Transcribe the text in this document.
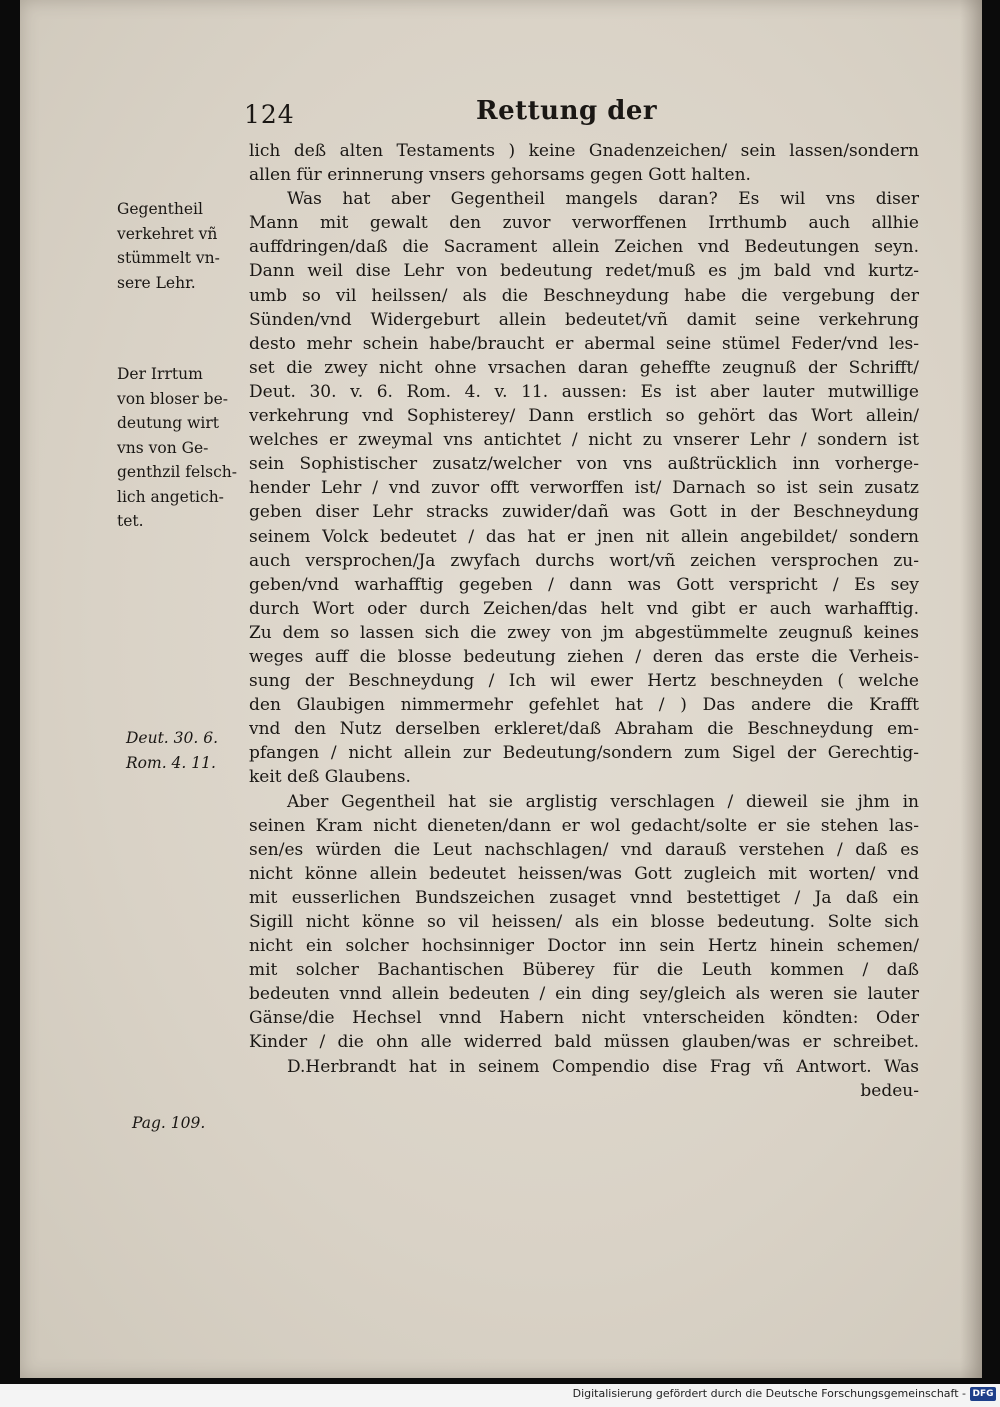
124	Rettung der
Gegentheil
verkehret vñ
stümmelt vn-
sere Lehr.
Der Irrtum
von bloser be-
deutung wirt
vns von Ge-
genthzil felsch-
lich angetich-
tet.
Deut. 30. 6.
Rom. 4. 11.
Pag. 109.
lich deß alten Testaments ) keine Gnadenzeichen/ sein lassen/sondern
allen für erinnerung vnsers gehorsams gegen Gott halten.
Was hat aber Gegentheil mangels daran? Es wil vns diser
Mann mit gewalt den zuvor verworffenen Irrthumb auch allhie
auffdringen/daß die Sacrament allein Zeichen vnd Bedeutungen seyn.
Dann weil dise Lehr von bedeutung redet/muß es jm bald vnd kurtz-
umb so vil heilssen/ als die Beschneydung habe die vergebung der
Sünden/vnd Widergeburt allein bedeutet/vñ damit seine verkehrung
desto mehr schein habe/braucht er abermal seine stümel Feder/vnd les-
set die zwey nicht ohne vrsachen daran geheffte zeugnuß der Schrifft/
Deut. 30. v. 6. Rom. 4. v. 11. aussen: Es ist aber lauter mutwillige
verkehrung vnd Sophisterey/ Dann erstlich so gehört das Wort allein/
welches er zweymal vns antichtet / nicht zu vnserer Lehr / sondern ist
sein Sophistischer zusatz/welcher von vns außtrücklich inn vorherge-
hender Lehr / vnd zuvor offt verworffen ist/ Darnach so ist sein zusatz
geben diser Lehr stracks zuwider/dañ was Gott in der Beschneydung
seinem Volck bedeutet / das hat er jnen nit allein angebildet/ sondern
auch versprochen/Ja zwyfach durchs wort/vñ zeichen versprochen zu-
geben/vnd warhafftig gegeben / dann was Gott verspricht / Es sey
durch Wort oder durch Zeichen/das helt vnd gibt er auch warhafftig.
Zu dem so lassen sich die zwey von jm abgestümmelte zeugnuß keines
weges auff die blosse bedeutung ziehen / deren das erste die Verheis-
sung der Beschneydung / Ich wil ewer Hertz beschneyden ( welche
den Glaubigen nimmermehr gefehlet hat / ) Das andere die Krafft
vnd den Nutz derselben erkleret/daß Abraham die Beschneydung em-
pfangen / nicht allein zur Bedeutung/sondern zum Sigel der Gerechtig-
keit deß Glaubens.
Aber Gegentheil hat sie arglistig verschlagen / dieweil sie jhm in
seinen Kram nicht dieneten/dann er wol gedacht/solte er sie stehen las-
sen/es würden die Leut nachschlagen/ vnd darauß verstehen / daß es
nicht könne allein bedeutet heissen/was Gott zugleich mit worten/ vnd
mit eusserlichen Bundszeichen zusaget vnnd bestettiget / Ja daß ein
Sigill nicht könne so vil heissen/ als ein blosse bedeutung. Solte sich
nicht ein solcher hochsinniger Doctor inn sein Hertz hinein schemen/
mit solcher Bachantischen Büberey für die Leuth kommen / daß
bedeuten vnnd allein bedeuten / ein ding sey/gleich als weren sie lauter
Gänse/die Hechsel vnnd Habern nicht vnterscheiden köndten: Oder
Kinder / die ohn alle widerred bald müssen glauben/was er schreibet.
D.Herbrandt hat in seinem Compendio dise Frag vñ Antwort. Was
bedeu-
Digitalisierung gefördert durch die Deutsche Forschungsgemeinschaft - DFG
